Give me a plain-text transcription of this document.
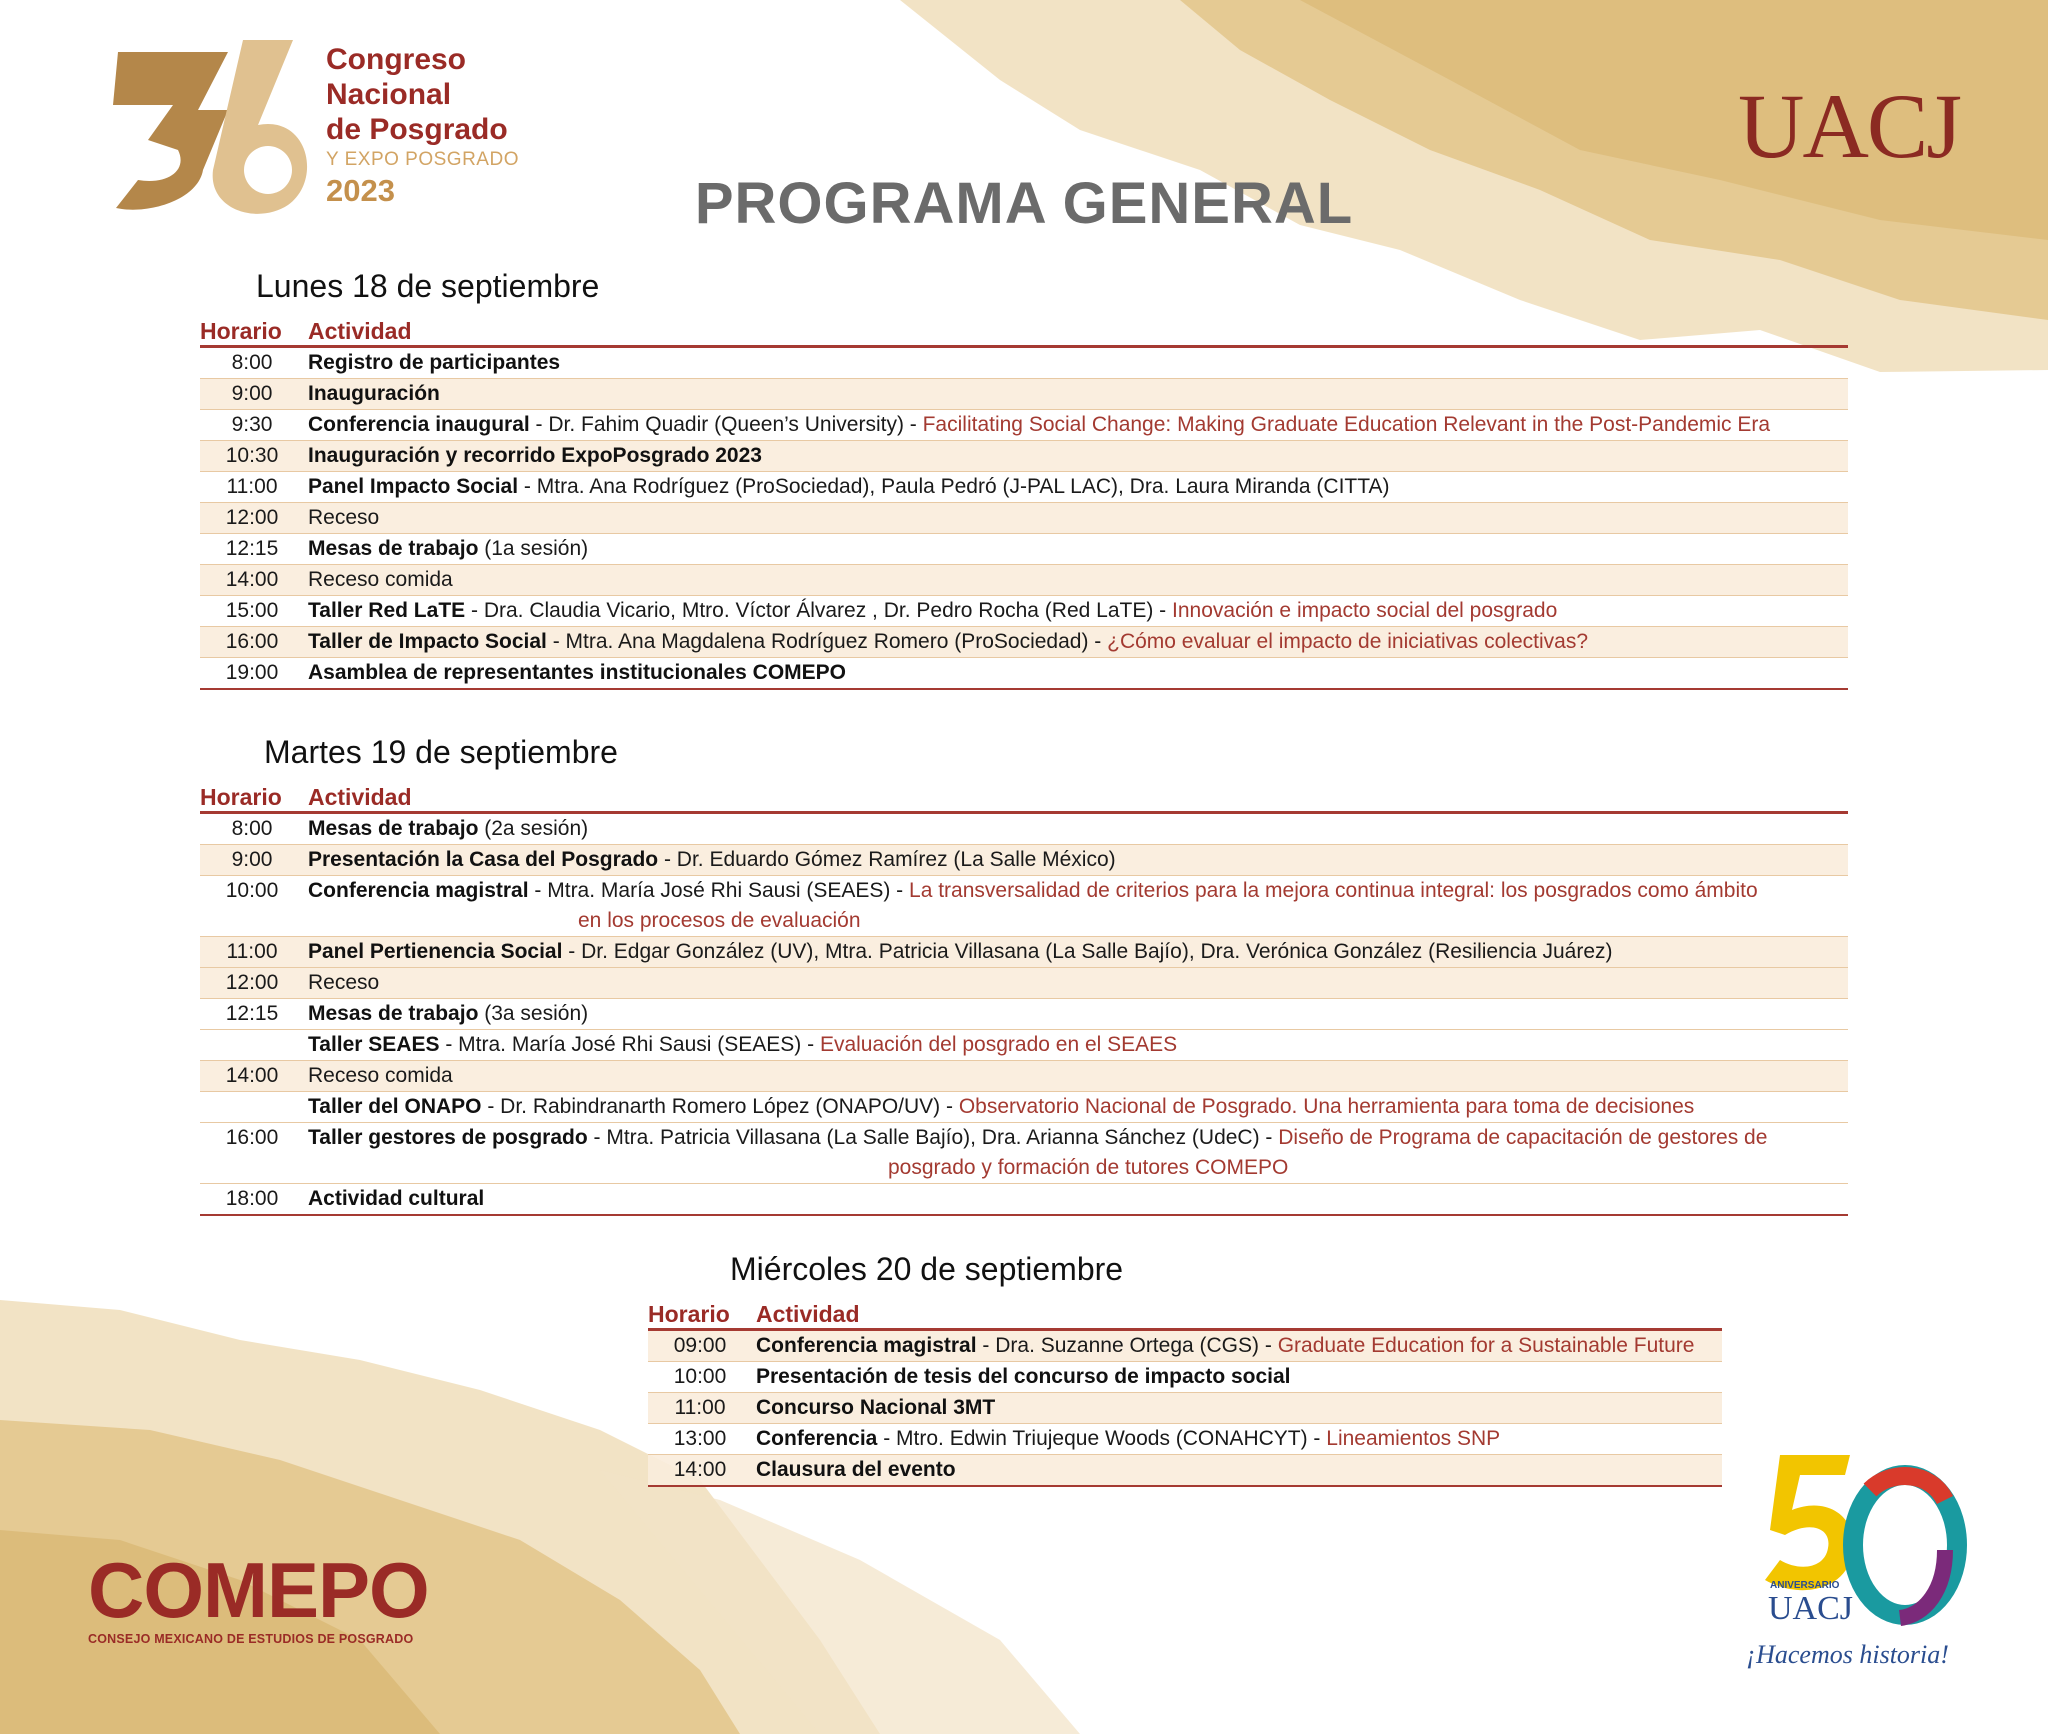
Congreso
Nacional
de Posgrado
Y EXPO POSGRADO
2023
UACJ
PROGRAMA GENERAL
Lunes 18 de septiembre
Horario	Actividad
8:00	Registro de participantes
9:00	Inauguración
9:30	Conferencia inaugural - Dr. Fahim Quadir (Queen’s University) - Facilitating Social Change: Making Graduate Education Relevant in the Post-Pandemic Era
10:30	Inauguración y recorrido ExpoPosgrado 2023
11:00	Panel Impacto Social - Mtra. Ana Rodríguez (ProSociedad), Paula Pedró (J-PAL LAC), Dra. Laura Miranda (CITTA)
12:00	Receso
12:15	Mesas de trabajo (1a sesión)
14:00	Receso comida
15:00	Taller Red LaTE - Dra. Claudia Vicario, Mtro. Víctor Álvarez , Dr. Pedro Rocha (Red LaTE) - Innovación e impacto social del posgrado
16:00	Taller de Impacto Social - Mtra. Ana Magdalena Rodríguez Romero (ProSociedad) - ¿Cómo evaluar el impacto de iniciativas colectivas?
19:00	Asamblea de representantes institucionales COMEPO
Martes 19 de septiembre
Horario	Actividad
8:00	Mesas de trabajo (2a sesión)
9:00	Presentación la Casa del Posgrado - Dr. Eduardo Gómez Ramírez (La Salle México)
10:00	Conferencia magistral - Mtra. María José Rhi Sausi (SEAES) - La transversalidad de criterios para la mejora continua integral: los posgrados como ámbito
en los procesos de evaluación

11:00	Panel Pertienencia Social - Dr. Edgar González (UV), Mtra. Patricia Villasana (La Salle Bajío), Dra. Verónica González (Resiliencia Juárez)
12:00	Receso
12:15	Mesas de trabajo (3a sesión)
	Taller SEAES - Mtra. María José Rhi Sausi (SEAES) - Evaluación del posgrado en el SEAES
14:00	Receso comida
	Taller del ONAPO - Dr. Rabindranarth Romero López (ONAPO/UV) - Observatorio Nacional de Posgrado. Una herramienta para toma de decisiones
16:00	Taller gestores de posgrado - Mtra. Patricia Villasana (La Salle Bajío), Dra. Arianna Sánchez (UdeC) - Diseño de Programa de capacitación de gestores de
posgrado y formación de tutores COMEPO

18:00	Actividad cultural
Miércoles 20 de septiembre
Horario	Actividad
09:00	Conferencia magistral - Dra. Suzanne Ortega (CGS) - Graduate Education for a Sustainable Future
10:00	Presentación de tesis del concurso de impacto social
11:00	Concurso Nacional 3MT
13:00	Conferencia - Mtro. Edwin Triujeque Woods (CONAHCYT) - Lineamientos SNP
14:00	Clausura del evento
COMEPO
CONSEJO MEXICANO DE ESTUDIOS DE POSGRADO
ANIVERSARIO
UACJ
¡Hacemos historia!
